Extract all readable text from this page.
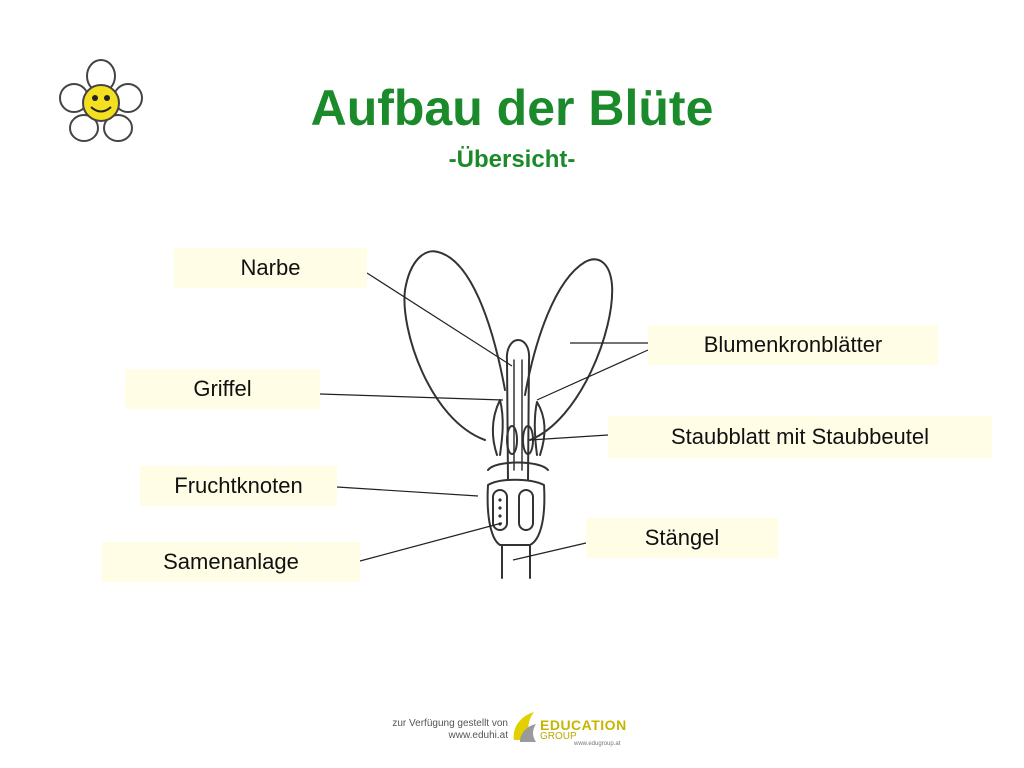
Aufbau der Blüte
-Übersicht-
Narbe
Griffel
Fruchtknoten
Samenanlage
Blumenkronblätter
Staubblatt mit Staubbeutel
Stängel
zur Verfügung gestellt von
www.eduhi.at
EDUCATION
GROUP
www.edugroup.at
